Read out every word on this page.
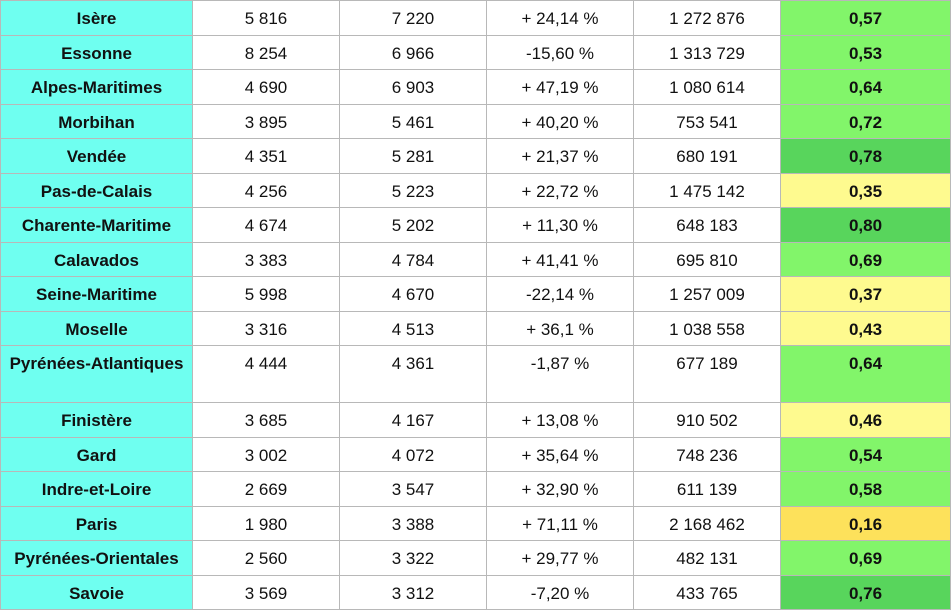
Isère	5 816	7 220	+ 24,14 %	1 272 876	0,57

Essonne	8 254	6 966	-15,60 %	1 313 729	0,53

Alpes-Maritimes	4 690	6 903	+ 47,19 %	1 080 614	0,64

Morbihan	3 895	5 461	+ 40,20 %	753 541	0,72

Vendée	4 351	5 281	+ 21,37 %	680 191	0,78

Pas-de-Calais	4 256	5 223	+ 22,72 %	1 475 142	0,35

Charente-Maritime	4 674	5 202	+ 11,30 %	648 183	0,80

Calavados	3 383	4 784	+ 41,41 %	695 810	0,69

Seine-Maritime	5 998	4 670	-22,14 %	1 257 009	0,37

Moselle	3 316	4 513	+ 36,1 %	1 038 558	0,43

Pyrénées-Atlantiques	4 444	4 361	-1,87 %	677 189	0,64

Finistère	3 685	4 167	+ 13,08 %	910 502	0,46

Gard	3 002	4 072	+ 35,64 %	748 236	0,54

Indre-et-Loire	2 669	3 547	+ 32,90 %	611 139	0,58

Paris	1 980	3 388	+ 71,11 %	2 168 462	0,16

Pyrénées-Orientales	2 560	3 322	+ 29,77 %	482 131	0,69

Savoie	3 569	3 312	-7,20 %	433 765	0,76
